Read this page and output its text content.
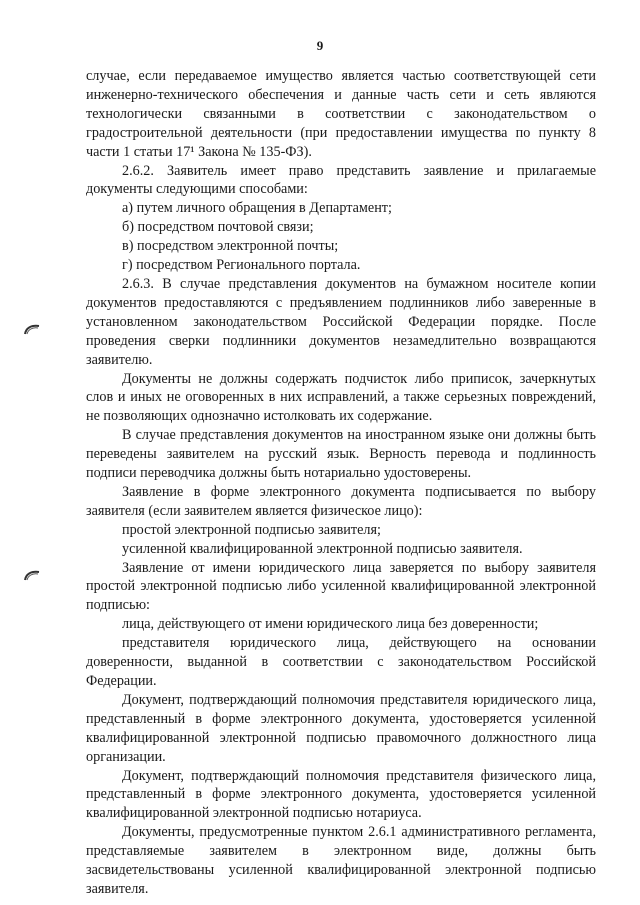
9

случае, если передаваемое имущество является частью соответствующей сети инженерно-технического обеспечения и данные часть сети и сеть являются технологически связанными в соответствии с законодательством о градостроительной деятельности (при предоставлении имущества по пункту 8 части 1 статьи 17¹ Закона № 135-ФЗ).

2.6.2. Заявитель имеет право представить заявление и прилагаемые документы следующими способами:

а) путем личного обращения в Департамент;

б) посредством почтовой связи;

в) посредством электронной почты;

г) посредством Регионального портала.

2.6.3. В случае представления документов на бумажном носителе копии документов предоставляются с предъявлением подлинников либо заверенные в установленном законодательством Российской Федерации порядке. После проведения сверки подлинники документов незамедлительно возвращаются заявителю.

Документы не должны содержать подчисток либо приписок, зачеркнутых слов и иных не оговоренных в них исправлений, а также серьезных повреждений, не позволяющих однозначно истолковать их содержание.

В случае представления документов на иностранном языке они должны быть переведены заявителем на русский язык. Верность перевода и подлинность подписи переводчика должны быть нотариально удостоверены.

Заявление в форме электронного документа подписывается по выбору заявителя (если заявителем является физическое лицо):

простой электронной подписью заявителя;

усиленной квалифицированной электронной подписью заявителя.

Заявление от имени юридического лица заверяется по выбору заявителя простой электронной подписью либо усиленной квалифицированной электронной подписью:

лица, действующего от имени юридического лица без доверенности;

представителя юридического лица, действующего на основании доверенности, выданной в соответствии с законодательством Российской Федерации.

Документ, подтверждающий полномочия представителя юридического лица, представленный в форме электронного документа, удостоверяется усиленной квалифицированной электронной подписью правомочного должностного лица организации.

Документ, подтверждающий полномочия представителя физического лица, представленный в форме электронного документа, удостоверяется усиленной квалифицированной электронной подписью нотариуса.

Документы, предусмотренные пунктом 2.6.1 административного регламента, представляемые заявителем в электронном виде, должны быть засвидетельствованы усиленной квалифицированной электронной подписью заявителя.
